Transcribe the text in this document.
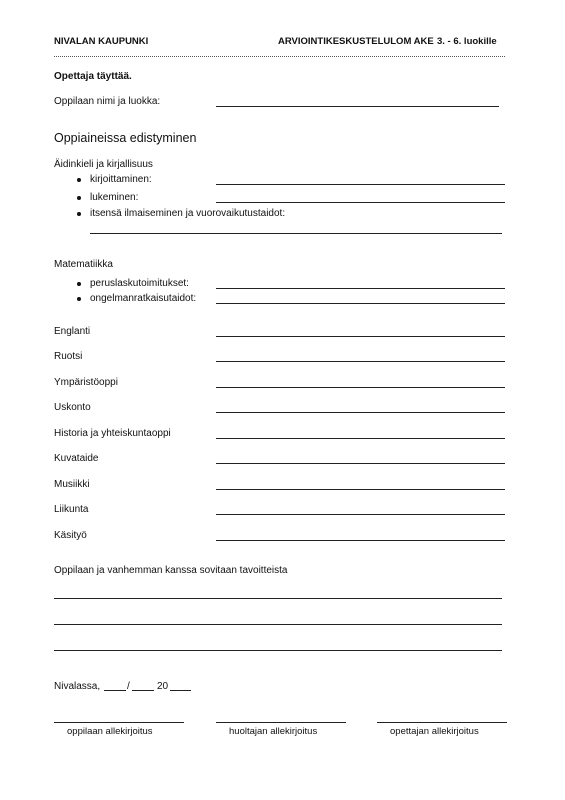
NIVALAN KAUPUNKI	ARVIOINTIKESKUSTELULOM AKE 3. - 6. luokille
Opettaja täyttää.
Oppilaan nimi ja luokka:
Oppiaineissa edistyminen
Äidinkieli ja kirjallisuus
kirjoittaminen:
lukeminen:
itsensä ilmaiseminen ja vuorovaikutustaidot:
Matematiikka
peruslaskutoimitukset:
ongelmanratkaisutaidot:
Englanti
Ruotsi
Ympäristöoppi
Uskonto
Historia ja yhteiskuntaoppi
Kuvataide
Musiikki
Liikunta
Käsityö
Oppilaan ja vanhemman kanssa sovitaan tavoitteista
Nivalassa,	/	20
oppilaan allekirjoitus	huoltajan allekirjoitus	opettajan allekirjoitus
